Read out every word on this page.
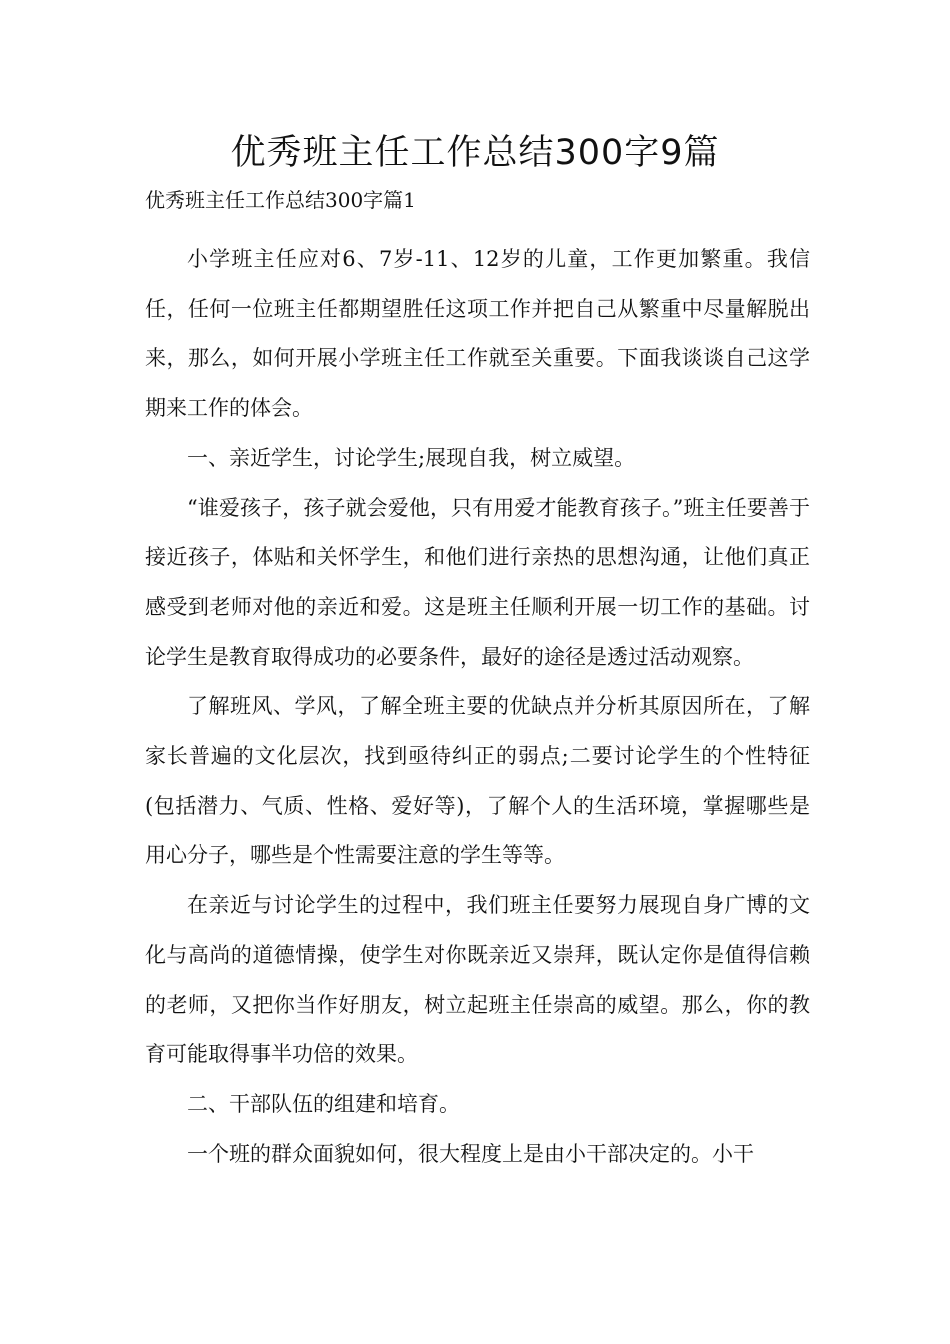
优秀班主任工作总结300字9篇

优秀班主任工作总结300字篇1

小学班主任应对6、7岁-11、12岁的儿童，工作更加繁重。我信任，任何一位班主任都期望胜任这项工作并把自己从繁重中尽量解脱出来，那么，如何开展小学班主任工作就至关重要。下面我谈谈自己这学期来工作的体会。

一、亲近学生，讨论学生;展现自我，树立威望。

“谁爱孩子，孩子就会爱他，只有用爱才能教育孩子。”班主任要善于接近孩子，体贴和关怀学生，和他们进行亲热的思想沟通，让他们真正感受到老师对他的亲近和爱。这是班主任顺利开展一切工作的基础。讨论学生是教育取得成功的必要条件，最好的途径是透过活动观察。

了解班风、学风，了解全班主要的优缺点并分析其原因所在，了解家长普遍的文化层次，找到亟待纠正的弱点;二要讨论学生的个性特征(包括潜力、气质、性格、爱好等)，了解个人的生活环境，掌握哪些是用心分子，哪些是个性需要注意的学生等等。

在亲近与讨论学生的过程中，我们班主任要努力展现自身广博的文化与高尚的道德情操，使学生对你既亲近又崇拜，既认定你是值得信赖的老师，又把你当作好朋友，树立起班主任崇高的威望。那么，你的教育可能取得事半功倍的效果。

二、干部队伍的组建和培育。

一个班的群众面貌如何，很大程度上是由小干部决定的。小干
